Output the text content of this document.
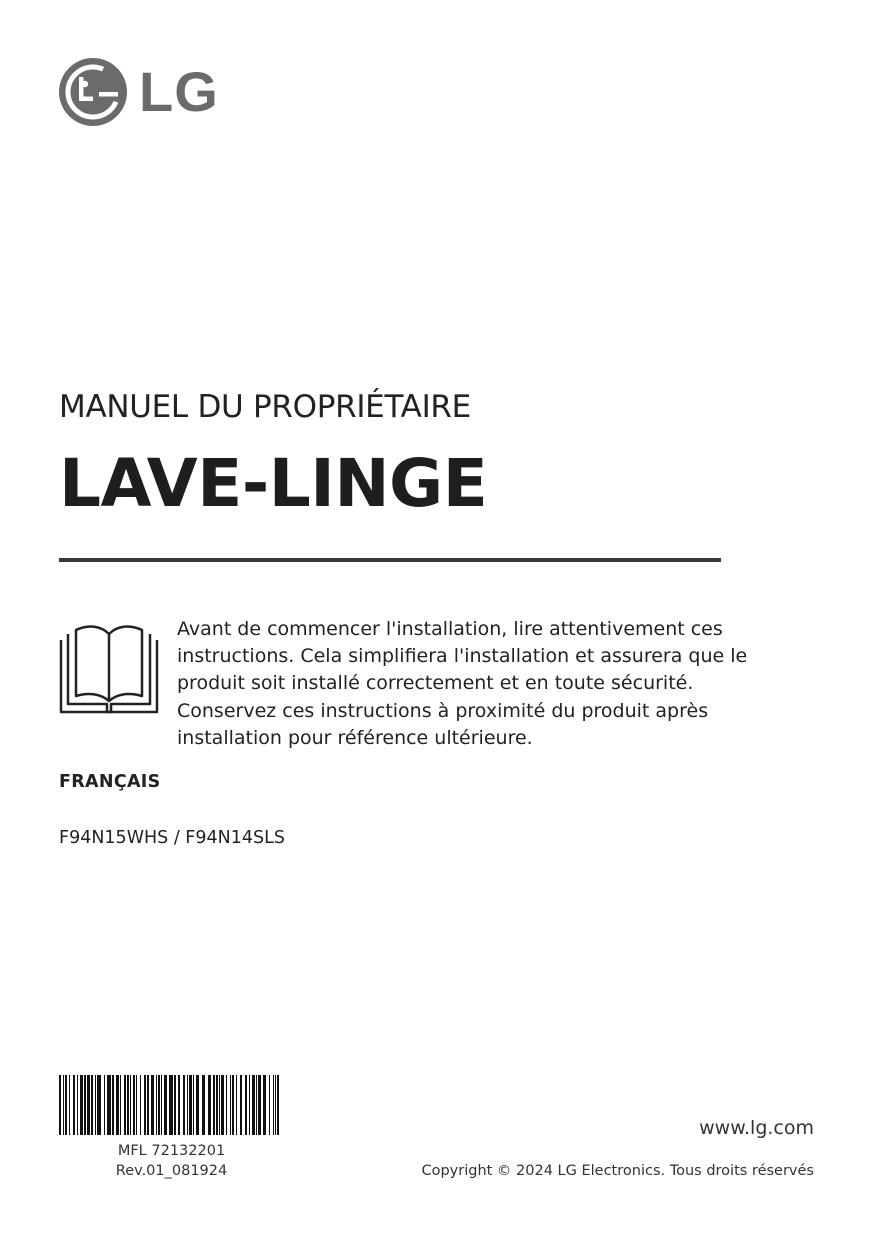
LG
MANUEL DU PROPRIÉTAIRE
LAVE-LINGE
Avant de commencer l'installation, lire attentivement ces
instructions. Cela simplifiera l'installation et assurera que le
produit soit installé correctement et en toute sécurité.
Conservez ces instructions à proximité du produit après
installation pour référence ultérieure.
FRANÇAIS
F94N15WHS / F94N14SLS
MFL 72132201
Rev.01_081924
www.lg.com
Copyright © 2024 LG Electronics. Tous droits réservés
